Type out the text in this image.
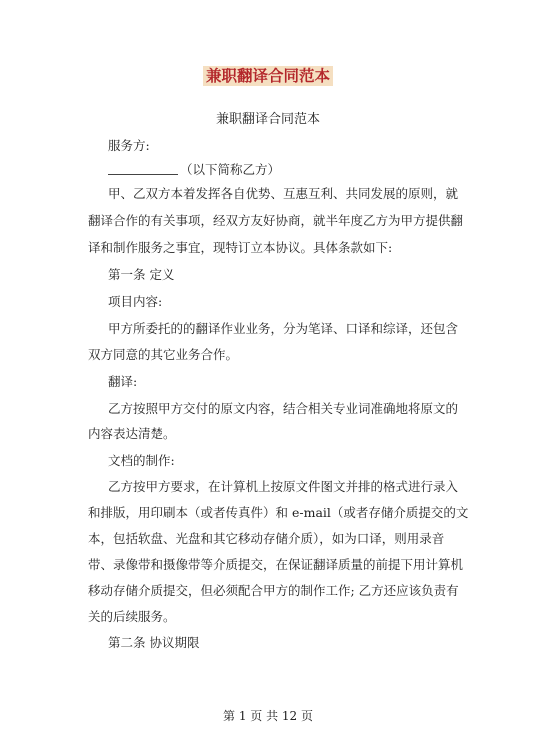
兼职翻译合同范本
兼职翻译合同范本
服务方:
（以下简称乙方）
甲、乙双方本着发挥各自优势、互惠互利、共同发展的原则，就
翻译合作的有关事项，经双方友好协商，就半年度乙方为甲方提供翻
译和制作服务之事宜，现特订立本协议。具体条款如下:
第一条 定义
项目内容:
甲方所委托的的翻译作业业务，分为笔译、口译和综译，还包含
双方同意的其它业务合作。
翻译:
乙方按照甲方交付的原文内容，结合相关专业词准确地将原文的
内容表达清楚。
文档的制作:
乙方按甲方要求，在计算机上按原文件图文并排的格式进行录入
和排版，用印刷本（或者传真件）和 e-mail（或者存储介质提交的文
本，包括软盘、光盘和其它移动存储介质），如为口译，则用录音
带、录像带和摄像带等介质提交，在保证翻译质量的前提下用计算机
移动存储介质提交，但必须配合甲方的制作工作; 乙方还应该负责有
关的后续服务。
第二条 协议期限
第 1 页 共 12 页
